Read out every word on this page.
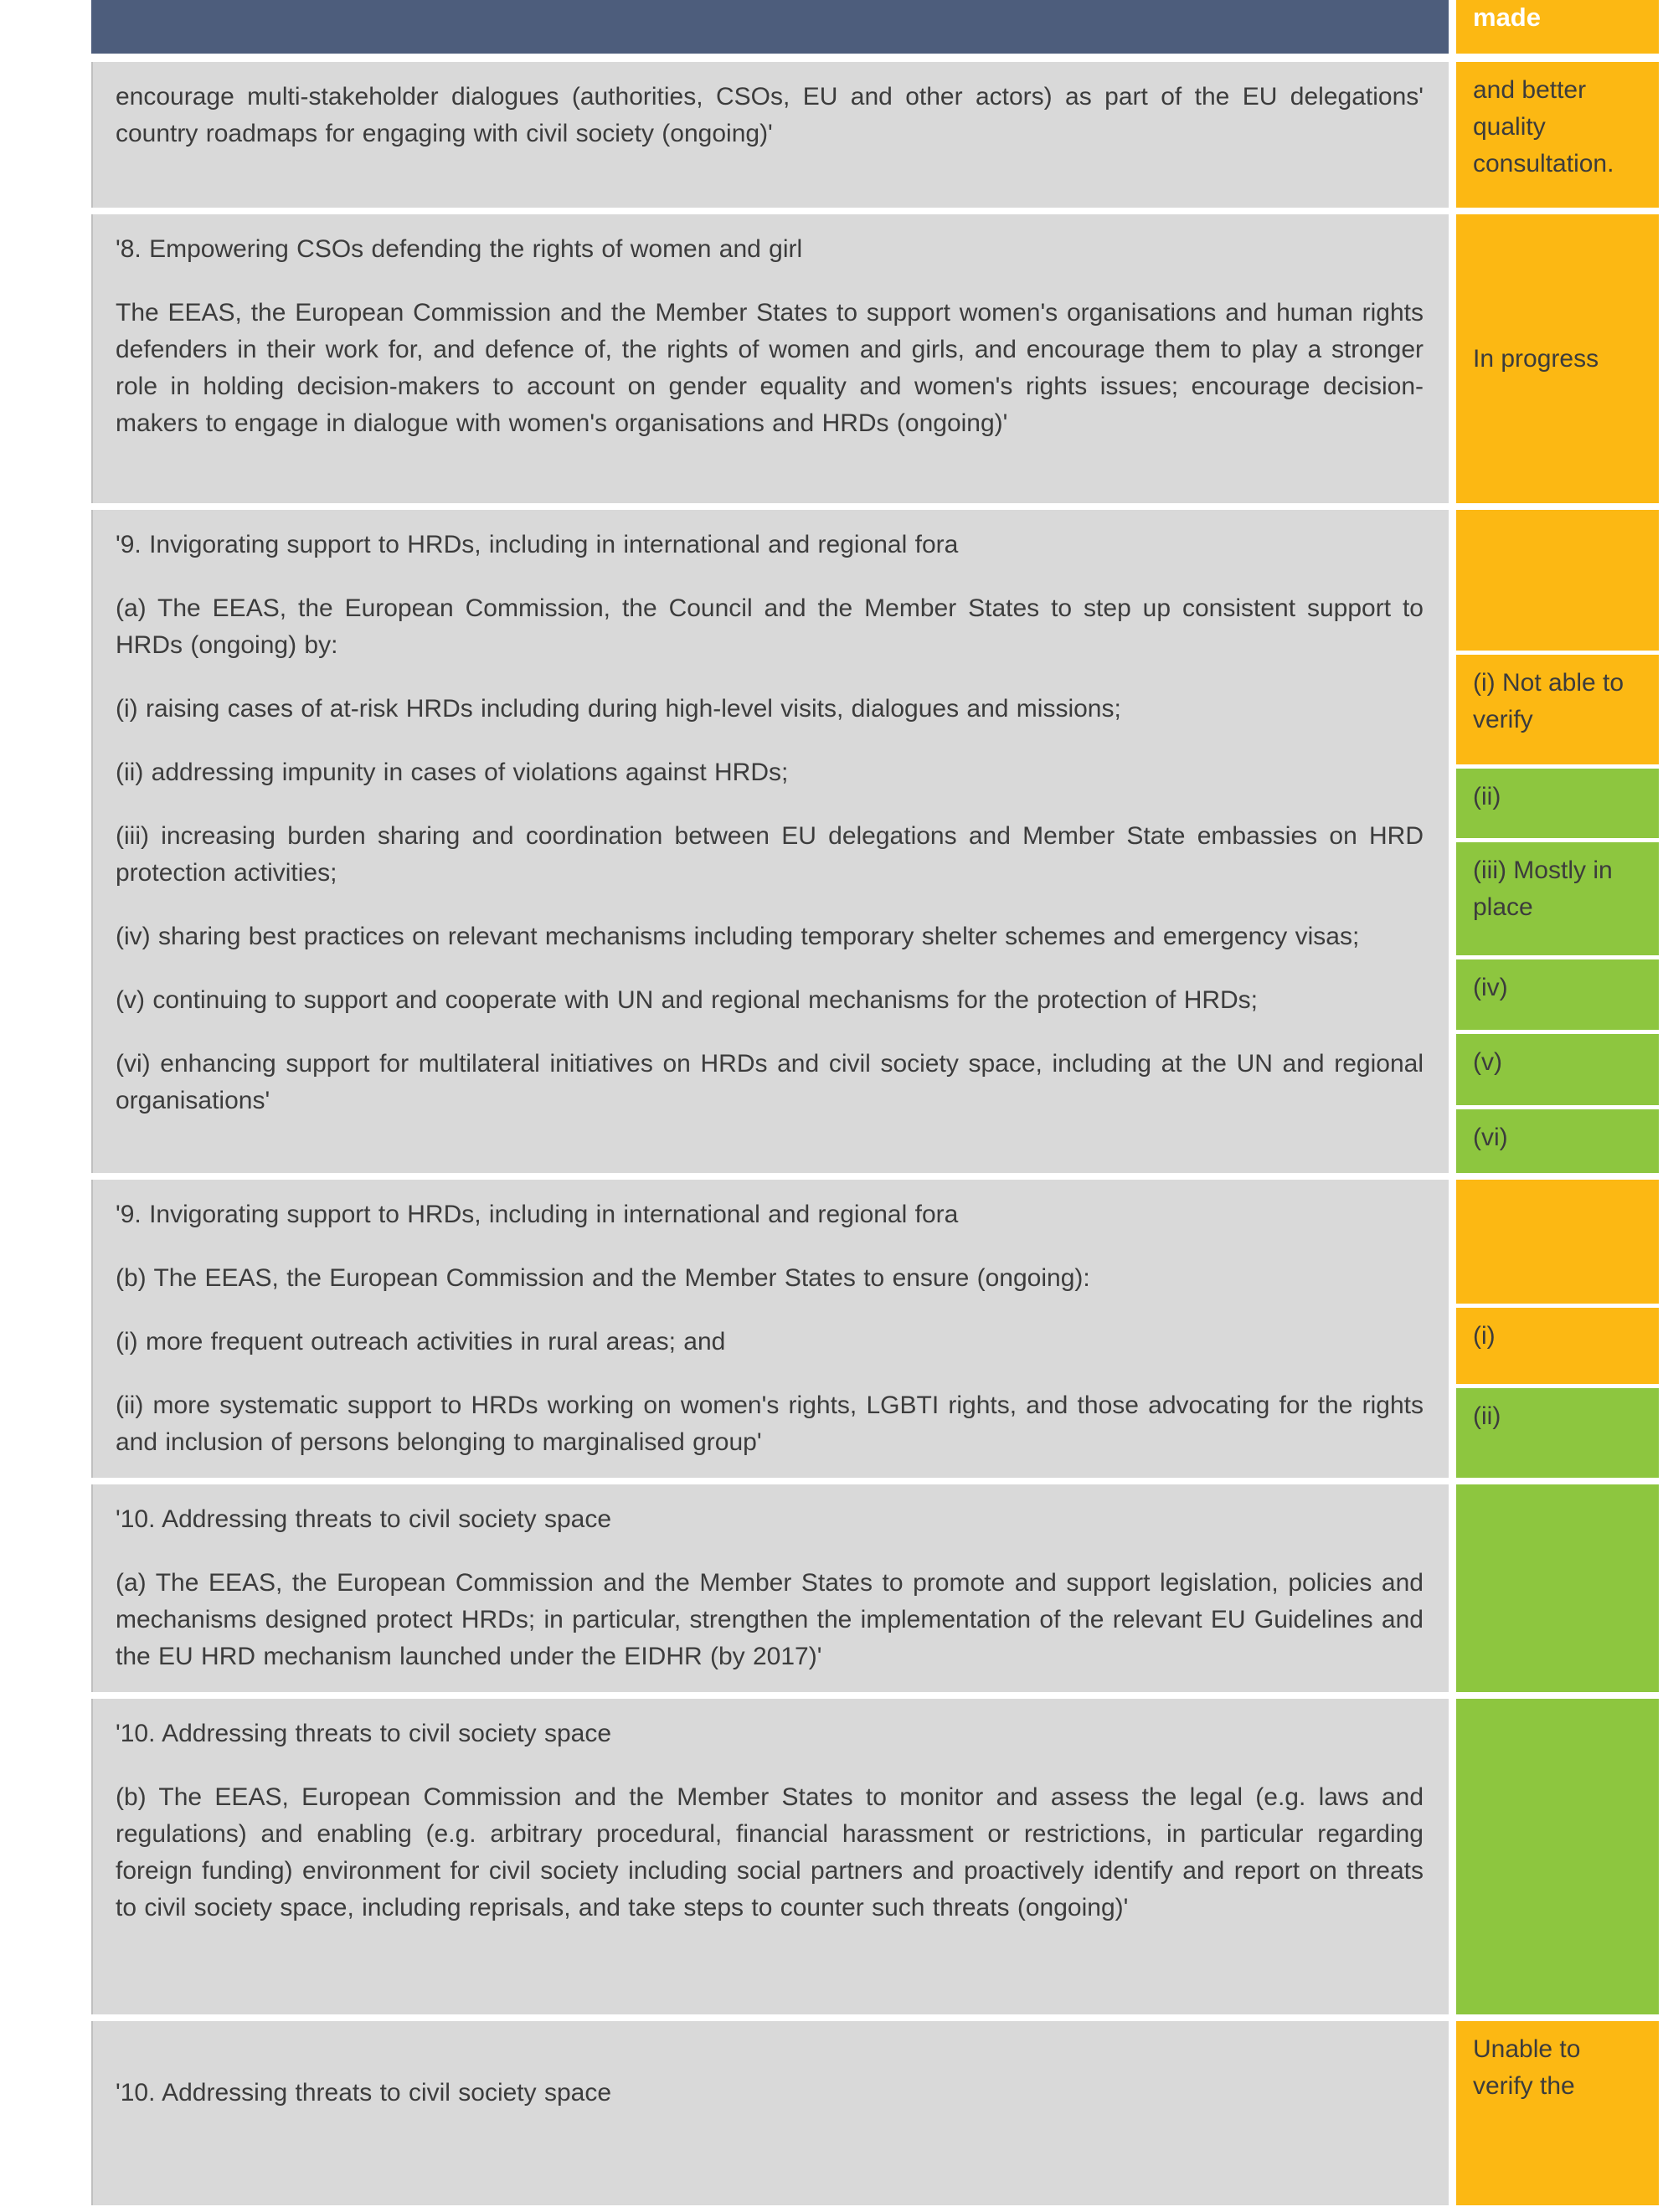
made

encourage multi-stakeholder dialogues (authorities, CSOs, EU and other actors) as part of the EU delegations' country roadmaps for engaging with civil society (ongoing)'

and better quality consultation.

'8. Empowering CSOs defending the rights of women and girl

The EEAS, the European Commission and the Member States to support women's organisations and human rights defenders in their work for, and defence of, the rights of women and girls, and encourage them to play a stronger role in holding decision-makers to account on gender equality and women's rights issues; encourage decision-makers to engage in dialogue with women's organisations and HRDs (ongoing)'

In progress

'9. Invigorating support to HRDs, including in international and regional fora

(a) The EEAS, the European Commission, the Council and the Member States to step up consistent support to HRDs (ongoing) by:

(i) raising cases of at-risk HRDs including during high-level visits, dialogues and missions;

(ii) addressing impunity in cases of violations against HRDs;

(iii) increasing burden sharing and coordination between EU delegations and Member State embassies on HRD protection activities;

(iv) sharing best practices on relevant mechanisms including temporary shelter schemes and emergency visas;

(v) continuing to support and cooperate with UN and regional mechanisms for the protection of HRDs;

(vi) enhancing support for multilateral initiatives on HRDs and civil society space, including at the UN and regional organisations'

(i) Not able to verify
(ii)
(iii) Mostly in place
(iv)
(v)
(vi)

'9. Invigorating support to HRDs, including in international and regional fora

(b) The EEAS, the European Commission and the Member States to ensure (ongoing):

(i) more frequent outreach activities in rural areas; and

(ii) more systematic support to HRDs working on women's rights, LGBTI rights, and those advocating for the rights and inclusion of persons belonging to marginalised group'

(i)
(ii)

'10. Addressing threats to civil society space

(a) The EEAS, the European Commission and the Member States to promote and support legislation, policies and mechanisms designed protect HRDs; in particular, strengthen the implementation of the relevant EU Guidelines and the EU HRD mechanism launched under the EIDHR (by 2017)'

'10. Addressing threats to civil society space

(b) The EEAS, European Commission and the Member States to monitor and assess the legal (e.g. laws and regulations) and enabling (e.g. arbitrary procedural, financial harassment or restrictions, in particular regarding foreign funding) environment for civil society including social partners and proactively identify and report on threats to civil society space, including reprisals, and take steps to counter such threats (ongoing)'

'10. Addressing threats to civil society space

Unable to verify the
